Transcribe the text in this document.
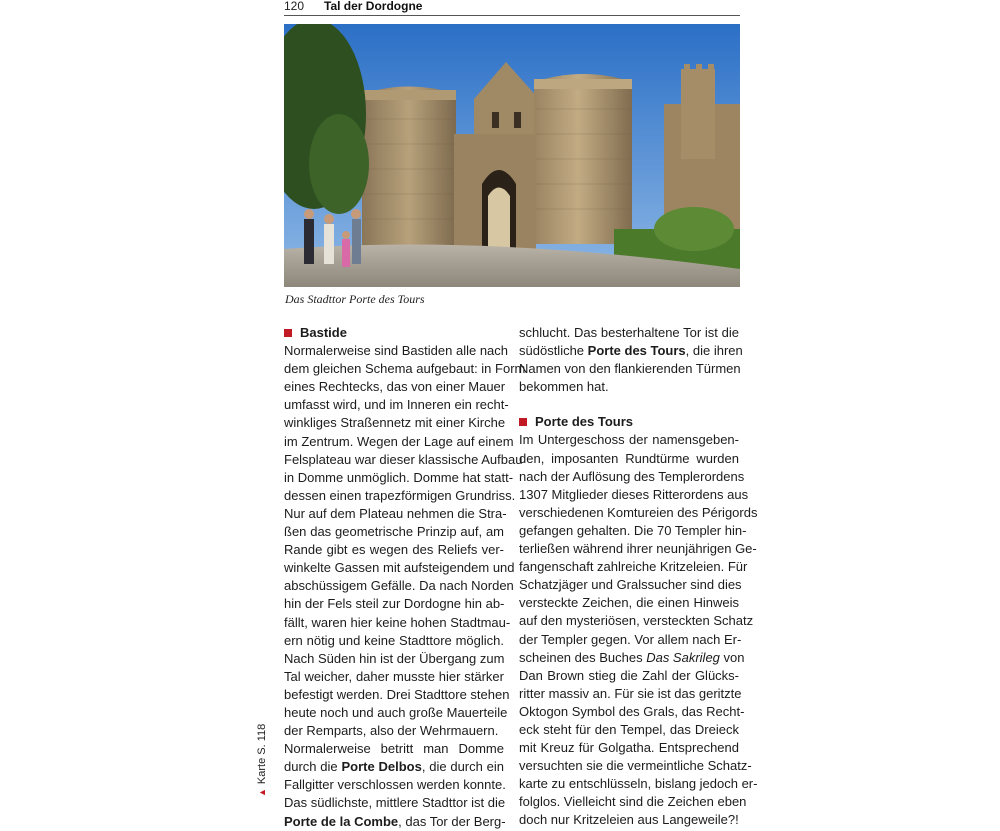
120 Tal der Dordogne
Das Stadttor Porte des Tours
Bastide
Normalerweise sind Bastiden alle nach
dem gleichen Schema aufgebaut: in Form
eines Rechtecks, das von einer Mauer
umfasst wird, und im Inneren ein recht-
winkliges Straßennetz mit einer Kirche
im Zentrum. Wegen der Lage auf einem
Felsplateau war dieser klassische Aufbau
in Domme unmöglich. Domme hat statt-
dessen einen trapezförmigen Grundriss.
Nur auf dem Plateau nehmen die Stra-
ßen das geometrische Prinzip auf, am
Rande gibt es wegen des Reliefs ver-
winkelte Gassen mit aufsteigendem und
abschüssigem Gefälle. Da nach Norden
hin der Fels steil zur Dordogne hin ab-
fällt, waren hier keine hohen Stadtmau-
ern nötig und keine Stadttore möglich.
Nach Süden hin ist der Übergang zum
Tal weicher, daher musste hier stärker
befestigt werden. Drei Stadttore stehen
heute noch und auch große Mauerteile
der Remparts, also der Wehrmauern.
Normalerweise betritt man Domme
durch die Porte Delbos, die durch ein
Fallgitter verschlossen werden konnte.
Das südlichste, mittlere Stadttor ist die
Porte de la Combe, das Tor der Berg-
schlucht. Das besterhaltene Tor ist die
südöstliche Porte des Tours, die ihren
Namen von den flankierenden Türmen
bekommen hat.
Porte des Tours
Im Untergeschoss der namensgeben-
den, imposanten Rundtürme wurden
nach der Auflösung des Templerordens
1307 Mitglieder dieses Ritterordens aus
verschiedenen Komtureien des Périgords
gefangen gehalten. Die 70 Templer hin-
terließen während ihrer neunjährigen Ge-
fangenschaft zahlreiche Kritzeleien. Für
Schatzjäger und Gralssucher sind dies
versteckte Zeichen, die einen Hinweis
auf den mysteriösen, versteckten Schatz
der Templer gegen. Vor allem nach Er-
scheinen des Buches Das Sakrileg von
Dan Brown stieg die Zahl der Glücks-
ritter massiv an. Für sie ist das geritzte
Oktogon Symbol des Grals, das Recht-
eck steht für den Tempel, das Dreieck
mit Kreuz für Golgatha. Entsprechend
versuchten sie die vermeintliche Schatz-
karte zu entschlüsseln, bislang jedoch er-
folglos. Vielleicht sind die Zeichen eben
doch nur Kritzeleien aus Langeweile?!
▲Karte S. 118
